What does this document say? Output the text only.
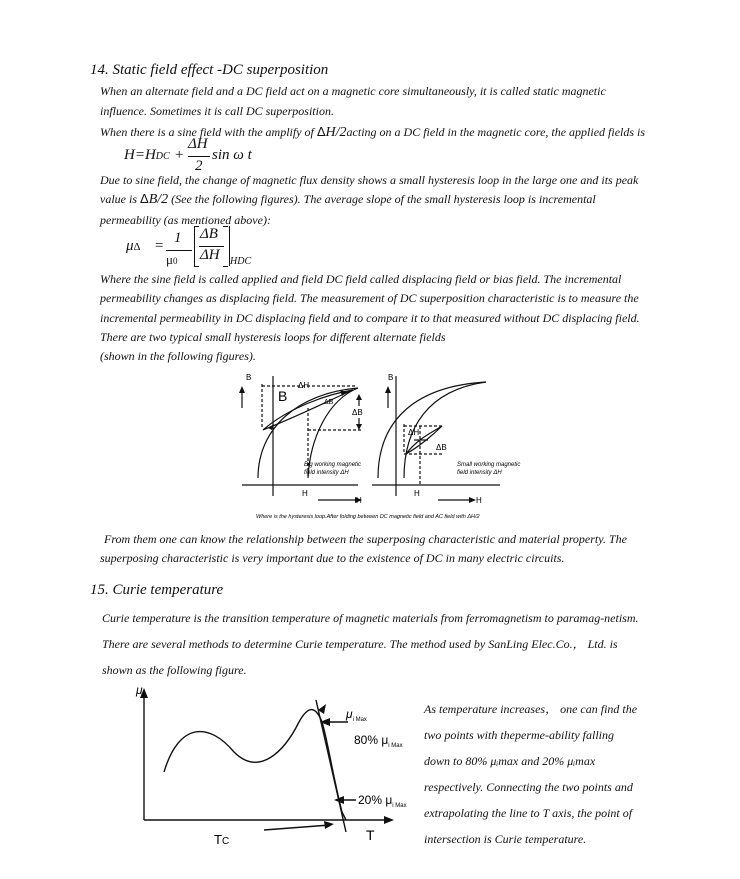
14. Static field effect -DC superposition
When an alternate field and a DC field act on a magnetic core simultaneously, it is called static magnetic
influence. Sometimes it is call DC superposition.
When there is a sine field with the amplify of ΔH/2acting on a DC field in the magnetic core, the applied fields is
H=HDC +
ΔH
2
sin ω t
Due to sine field, the change of magnetic flux density shows a small hysteresis loop in the large one and its peak
value is ΔB/2 (See the following figures). The average slope of the small hysteresis loop is incremental
permeability (as mentioned above):
μΔ = 1
μ0
ΔB
ΔH HDC
Where the sine field is called applied and field DC field called displacing field or bias field. The incremental
permeability changes as displacing field. The measurement of DC superposition characteristic is to measure the
incremental permeability in DC displacing field and to compare it to that measured without DC displacing field.
There are two typical small hysteresis loops for different alternate fields
(shown in the following figures).
B
ΔH
ΔB
ΔB
B
H
H
Big working magnetic
field intensity ΔH
B
ΔH
ΔB
H
H
Small working magnetic
field intensity ΔH
Where is the hysteresis loop.After folding between DC magnetic field and AC field with ΔH/2
From them one can know the relationship between the superposing characteristic and material property. The
superposing characteristic is very important due to the existence of DC in many electric circuits.
15. Curie temperature
Curie temperature is the transition temperature of magnetic materials from ferromagnetism to paramag-netism.
There are several methods to determine Curie temperature. The method used by SanLing Elec.Co.， Ltd. is
shown as the following figure.
$\mu_i$
$\mu_{i Max}$
80% $\mu_{i Max}$
20% $\mu_{i Max}$
TC	T
As temperature increases， one can find the
two points with theperme-ability falling
down to 80% μᵢmax and 20% μᵢmax
respectively. Connecting the two points and
extrapolating the line to T axis, the point of
intersection is Curie temperature.
